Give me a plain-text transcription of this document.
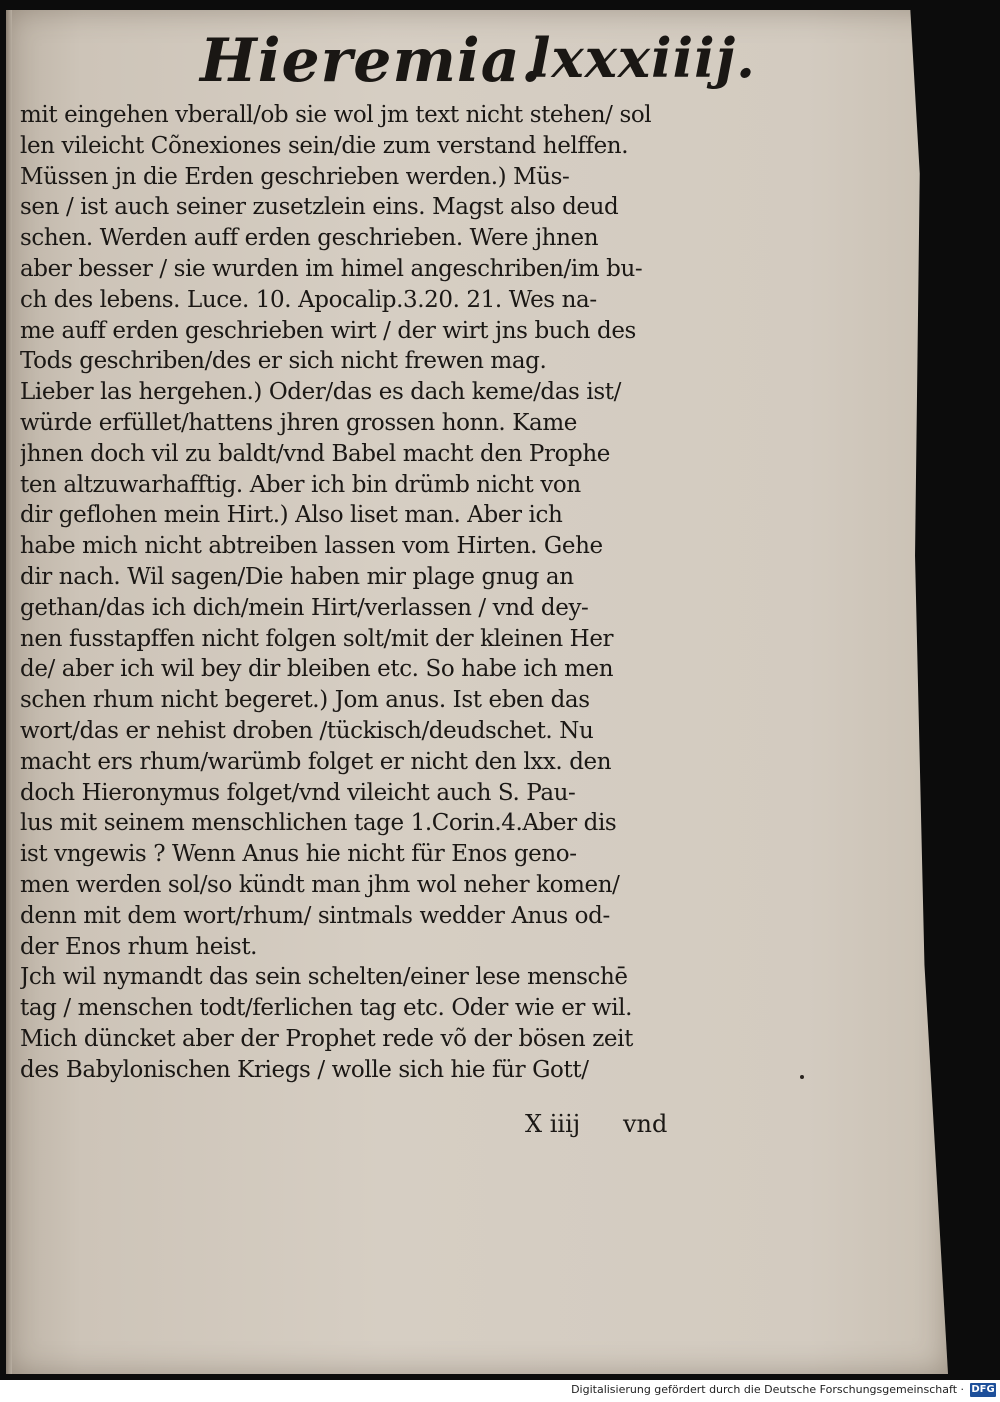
Hieremia.
lxxxiiij.
mit eingehen vberall/ob sie wol jm text nicht stehen/ sol
len vileicht Cõnexiones sein/die zum verstand helffen.
Müssen jn die Erden geschrieben werden.) Müs-
sen / ist auch seiner zusetzlein eins. Magst also deud
schen. Werden auff erden geschrieben. Were jhnen
aber besser / sie wurden im himel angeschriben/im bu-
ch des lebens. Luce. 10. Apocalip.3.20. 21. Wes na-
me auff erden geschrieben wirt / der wirt jns buch des
Tods geschriben/des er sich nicht frewen mag.
Lieber las hergehen.) Oder/das es dach keme/das ist/
würde erfüllet/hattens jhren grossen honn. Kame
jhnen doch vil zu baldt/vnd Babel macht den Prophe
ten altzuwarhafftig. Aber ich bin drümb nicht von
dir geflohen mein Hirt.) Also liset man. Aber ich
habe mich nicht abtreiben lassen vom Hirten. Gehe
dir nach. Wil sagen/Die haben mir plage gnug an
gethan/das ich dich/mein Hirt/verlassen / vnd dey-
nen fusstapffen nicht folgen solt/mit der kleinen Her
de/ aber ich wil bey dir bleiben etc. So habe ich men
schen rhum nicht begeret.) Jom anus. Ist eben das
wort/das er nehist droben /tückisch/deudschet. Nu
macht ers rhum/warümb folget er nicht den lxx. den
doch Hieronymus folget/vnd vileicht auch S. Pau-
lus mit seinem menschlichen tage 1.Corin.4.Aber dis
ist vngewis ? Wenn Anus hie nicht für Enos geno-
men werden sol/so kündt man jhm wol neher komen/
denn mit dem wort/rhum/ sintmals wedder Anus od-
der Enos rhum heist.
Jch wil nymandt das sein schelten/einer lese menschē
tag / menschen todt/ferlichen tag etc. Oder wie er wil.
Mich düncket aber der Prophet rede võ der bösen zeit
des Babylonischen Kriegs / wolle sich hie für Gott/
X iiij vnd
Digitalisierung gefördert durch die Deutsche Forschungsgemeinschaft · DFG
